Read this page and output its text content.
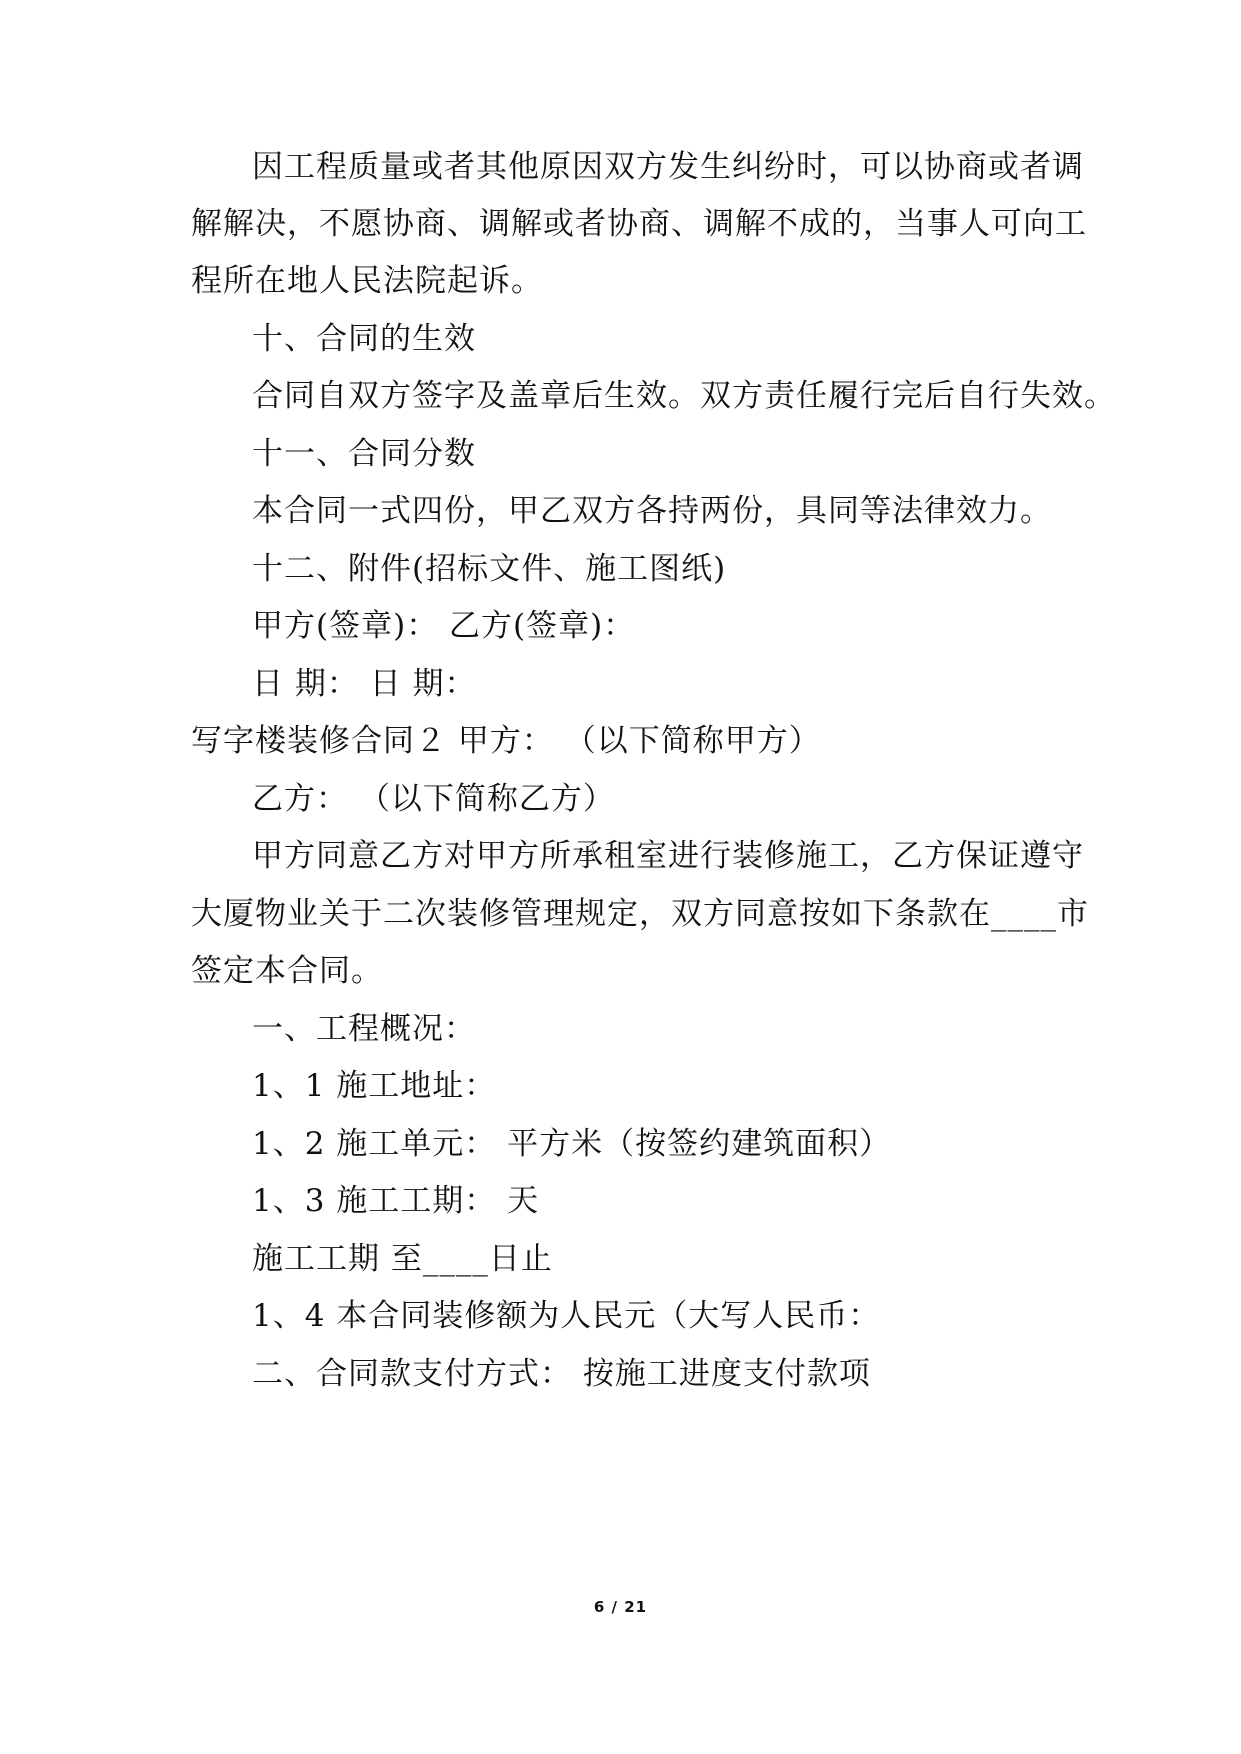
因工程质量或者其他原因双方发生纠纷时，可以协商或者调
解解决，不愿协商、调解或者协商、调解不成的，当事人可向工
程所在地人民法院起诉。
十、合同的生效
合同自双方签字及盖章后生效。双方责任履行完后自行失效。
十一、合同分数
本合同一式四份，甲乙双方各持两份，具同等法律效力。
十二、附件(招标文件、施工图纸)
甲方(签章)： 乙方(签章)：
日 期： 日 期：
写字楼装修合同２ 甲方： （以下简称甲方）
乙方： （以下简称乙方）
甲方同意乙方对甲方所承租室进行装修施工，乙方保证遵守
大厦物业关于二次装修管理规定，双方同意按如下条款在____市
签定本合同。
一、工程概况：
1、1 施工地址：
1、2 施工单元： 平方米（按签约建筑面积）
1、3 施工工期： 天
施工工期 至____日止
1、4 本合同装修额为人民元（大写人民币：
二、合同款支付方式： 按施工进度支付款项
6 / 21
